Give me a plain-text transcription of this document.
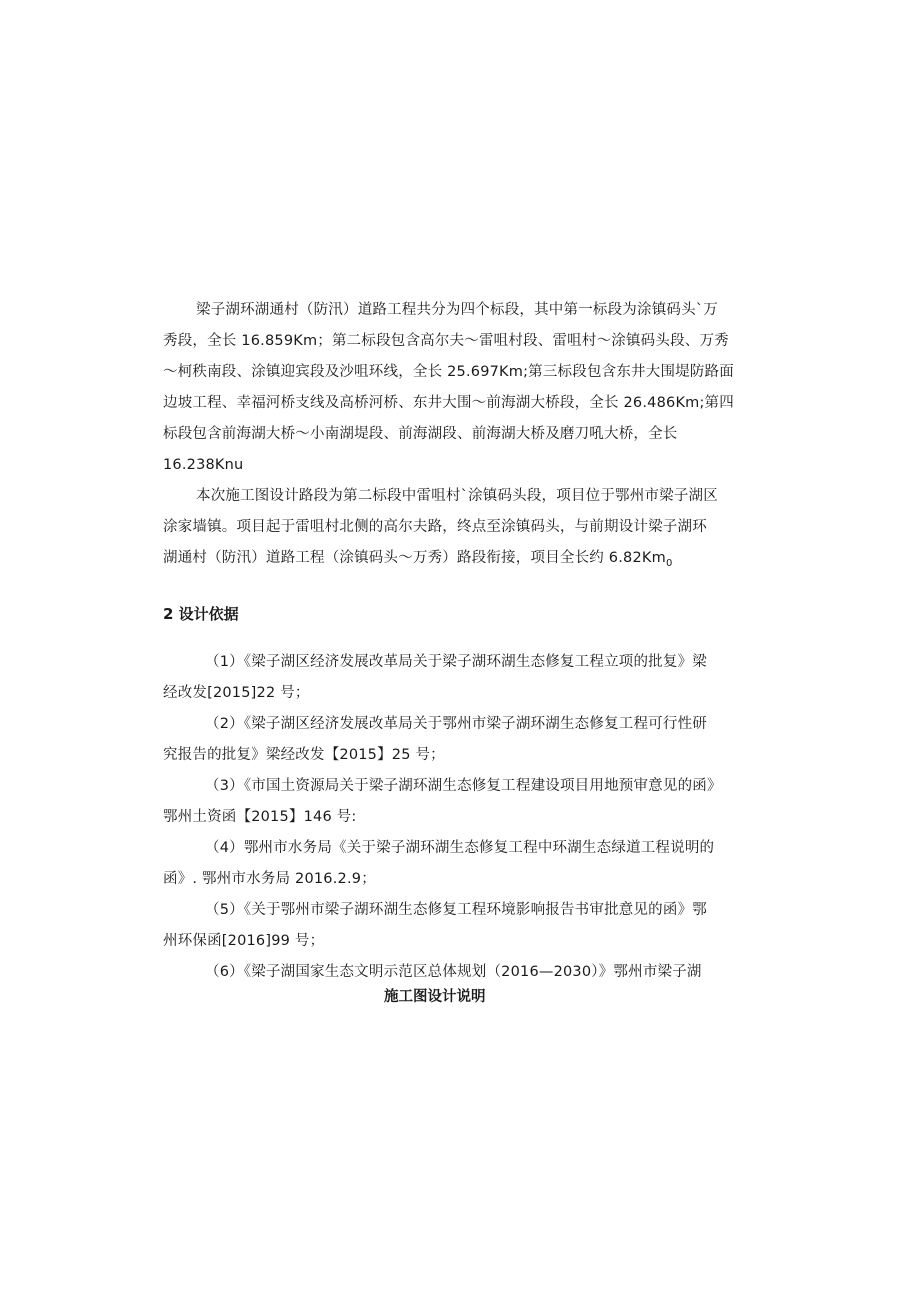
梁子湖环湖通村（防汛）道路工程共分为四个标段，其中第一标段为涂镇码头`万
秀段，全长 16.859Km；第二标段包含高尔夫～雷咀村段、雷咀村～涂镇码头段、万秀
～柯秩南段、涂镇迎宾段及沙咀环线，全长 25.697Km;第三标段包含东井大围堤防路面
边坡工程、幸福河桥支线及高桥河桥、东井大围～前海湖大桥段，全长 26.486Km;第四
标段包含前海湖大桥～小南湖堤段、前海湖段、前海湖大桥及磨刀吼大桥，全长
16.238Knu
本次施工图设计路段为第二标段中雷咀村`涂镇码头段，项目位于鄂州市梁子湖区
涂家墙镇。项目起于雷咀村北侧的高尔夫路，终点至涂镇码头，与前期设计梁子湖环
湖通村（防汛）道路工程（涂镇码头～万秀）路段衔接，项目全长约 $6.82Km_0$
2 设计依据
（1）《梁子湖区经济发展改革局关于梁子湖环湖生态修复工程立项的批复》梁
经改发[2015]22 号；
（2）《梁子湖区经济发展改革局关于鄂州市梁子湖环湖生态修复工程可行性研
究报告的批复》梁经改发【2015】25 号；
（3）《市国土资源局关于梁子湖环湖生态修复工程建设项目用地预审意见的函》
鄂州土资函【2015】146 号:
（4）鄂州市水务局《关于梁子湖环湖生态修复工程中环湖生态绿道工程说明的
函》. 鄂州市水务局 2016.2.9；
（5）《关于鄂州市梁子湖环湖生态修复工程环境影响报告书审批意见的函》鄂
州环保函[2016]99 号；
（6）《梁子湖国家生态文明示范区总体规划（2016—2030）》鄂州市梁子湖
施工图设计说明
